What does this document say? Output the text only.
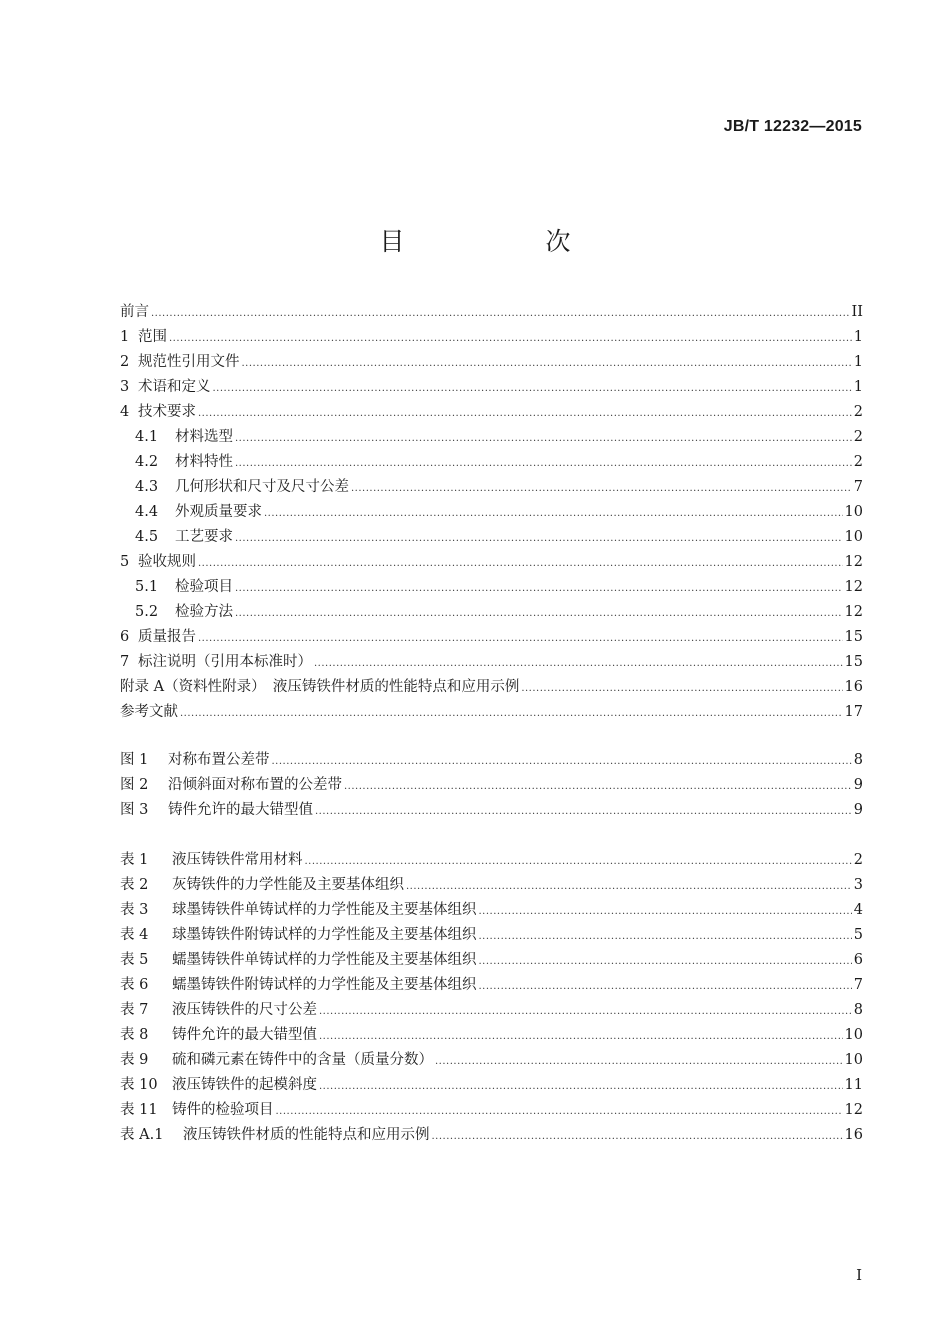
JB/T 12232—2015
目　次
前言 .....	II
1 范围 .....	1
2 规范性引用文件 .....	1
3 术语和定义 .....	1
4 技术要求 .....	2
4.1	材料选型 .....	2
4.2	材料特性 .....	2
4.3	几何形状和尺寸及尺寸公差 .....	7
4.4	外观质量要求 .....	10
4.5	工艺要求 .....	10
5 验收规则 .....	12
5.1	检验项目 .....	12
5.2	检验方法 .....	12
6 质量报告 .....	15
7 标注说明（引用本标准时） .....	15
附录 A（资料性附录）　液压铸铁件材质的性能特点和应用示例 .....	16
参考文献 .....	17
图 1	对称布置公差带 .....	8
图 2	沿倾斜面对称布置的公差带 .....	9
图 3	铸件允许的最大错型值 .....	9
表 1	液压铸铁件常用材料 .....	2
表 2	灰铸铁件的力学性能及主要基体组织 .....	3
表 3	球墨铸铁件单铸试样的力学性能及主要基体组织 .....	4
表 4	球墨铸铁件附铸试样的力学性能及主要基体组织 .....	5
表 5	蠕墨铸铁件单铸试样的力学性能及主要基体组织 .....	6
表 6	蠕墨铸铁件附铸试样的力学性能及主要基体组织 .....	7
表 7	液压铸铁件的尺寸公差 .....	8
表 8	铸件允许的最大错型值 .....	10
表 9	硫和磷元素在铸件中的含量（质量分数） .....	10
表 10 液压铸铁件的起模斜度 .....	11
表 11 铸件的检验项目 .....	12
表 A.1	液压铸铁件材质的性能特点和应用示例 .....	16
I
